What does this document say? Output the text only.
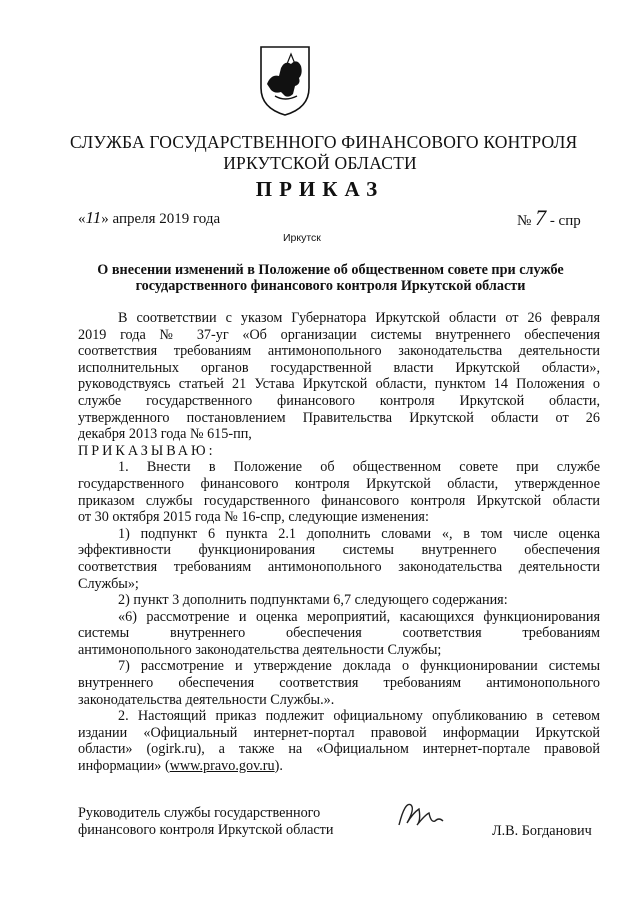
СЛУЖБА ГОСУДАРСТВЕННОГО ФИНАНСОВОГО КОНТРОЛЯ
ИРКУТСКОЙ ОБЛАСТИ
ПРИКАЗ
«11» апреля 2019 года	№ 7 - спр
Иркутск
О внесении изменений в Положение об общественном совете при службе
государственного финансового контроля Иркутской области
В соответствии с указом Губернатора Иркутской области от 26 февраля
2019 года № 37-уг «Об организации системы внутреннего обеспечения
соответствия требованиям антимонопольного законодательства деятельности
исполнительных органов государственной власти Иркутской области»,
руководствуясь статьей 21 Устава Иркутской области, пунктом 14 Положения о
службе государственного финансового контроля Иркутской области,
утвержденного постановлением Правительства Иркутской области от 26
декабря 2013 года № 615-пп,
ПРИКАЗЫВАЮ:
1. Внести в Положение об общественном совете при службе
государственного финансового контроля Иркутской области, утвержденное
приказом службы государственного финансового контроля Иркутской области
от 30 октября 2015 года № 16-спр, следующие изменения:
1) подпункт 6 пункта 2.1 дополнить словами «, в том числе оценка
эффективности функционирования системы внутреннего обеспечения
соответствия требованиям антимонопольного законодательства деятельности
Службы»;
2) пункт 3 дополнить подпунктами 6,7 следующего содержания:
«6) рассмотрение и оценка мероприятий, касающихся функционирования
системы внутреннего обеспечения соответствия требованиям
антимонопольного законодательства деятельности Службы;
7) рассмотрение и утверждение доклада о функционировании системы
внутреннего обеспечения соответствия требованиям антимонопольного
законодательства деятельности Службы.».
2. Настоящий приказ подлежит официальному опубликованию в сетевом
издании «Официальный интернет-портал правовой информации Иркутской
области» (ogirk.ru), а также на «Официальном интернет-портале правовой
информации» (www.pravo.gov.ru).
Руководитель службы государственного
финансового контроля Иркутской области	Л.В. Богданович
